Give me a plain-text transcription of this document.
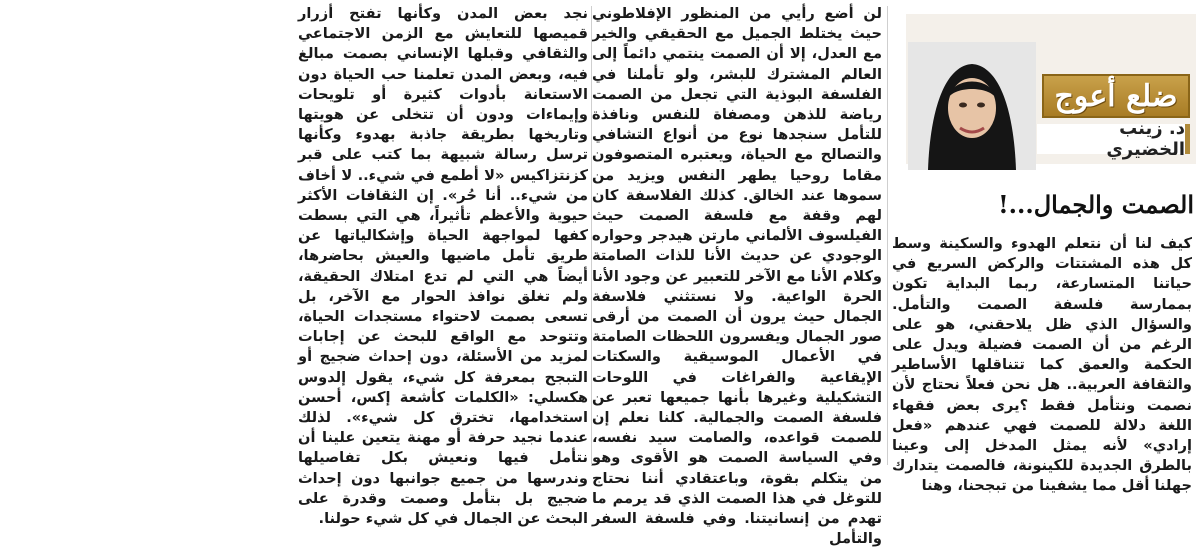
ضلع أعوج
د. زينب الخضيري
الصمت والجمال...!

كيف لنا أن نتعلم الهدوء والسكينة وسط كل هذه المشتتات والركض السريع في حياتنا المتسارعة، ربما البداية تكون بممارسة فلسفة الصمت والتأمل. والسؤال الذي ظل يلاحقني، هو على الرغم من أن الصمت فضيلة ويدل على الحكمة والعمق كما تتناقلها الأساطير والثقافة العربية.. هل نحن فعلاً نحتاج لأن نصمت ونتأمل فقط ؟يرى بعض فقهاء اللغة دلالة للصمت فهي عندهم «فعل إرادي» لأنه يمثل المدخل إلى وعينا بالطرق الجديدة للكينونة، فالصمت يتدارك جهلنا أقل مما يشفينا من تبجحنا، وهنا

لن أضع رأيي من المنظور الإفلاطوني حيث يختلط الجميل مع الحقيقي والخير مع العدل، إلا أن الصمت ينتمي دائماً إلى العالم المشترك للبشر، ولو تأملنا في الفلسفة البوذية التي تجعل من الصمت رياضة للذهن ومصفاة للنفس ونافذة للتأمل سنجدها نوع من أنواع التشافي والتصالح مع الحياة، ويعتبره المتصوفون مقاما روحيا يطهر النفس ويزيد من سموها عند الخالق. كذلك الفلاسفة كان لهم وقفة مع فلسفة الصمت حيث الفيلسوف الألماني مارتن هيدجر وحواره الوجودي عن حديث الأنا للذات الصامتة وكلام الأنا مع الآخر للتعبير عن وجود الأنا الحرة الواعية. ولا نستثني فلاسفة الجمال حيث يرون أن الصمت من أرقى صور الجمال ويفسرون اللحظات الصامتة في الأعمال الموسيقية والسكتات الإيقاعية والفراغات في اللوحات التشكيلية وغيرها بأنها جميعها تعبر عن فلسفة الصمت والجمالية. كلنا نعلم إن للصمت قواعده، والصامت سيد نفسه، وفي السياسة الصمت هو الأقوى وهو من يتكلم بقوة، وباعتقادي أننا نحتاج للتوغل في هذا الصمت الذي قد يرمم ما تهدم من إنسانيتنا. وفي فلسفة السفر والتأمل

نجد بعض المدن وكأنها تفتح أزرار قميصها للتعايش مع الزمن الاجتماعي والثقافي وقبلها الإنساني بصمت مبالغ فيه، وبعض المدن تعلمنا حب الحياة دون الاستعانة بأدوات كثيرة أو تلويحات وإيماءات ودون أن تتخلى عن هويتها وتاريخها بطريقة جاذبة بهدوء وكأنها ترسل رسالة شبيهة بما كتب على قبر كزنتزاكيس «لا أطمع في شيء.. لا أخاف من شيء.. أنا حُر». إن الثقافات الأكثر حيوية والأعظم تأثيراً، هي التي بسطت كفها لمواجهة الحياة وإشكالياتها عن طريق تأمل ماضيها والعيش بحاضرها، أيضاً هي التي لم تدع امتلاك الحقيقة، ولم تغلق نوافذ الحوار مع الآخر، بل تسعى بصمت لاحتواء مستجدات الحياة، وتتوحد مع الواقع للبحث عن إجابات لمزيد من الأسئلة، دون إحداث ضجيج أو التبجح بمعرفة كل شيء، يقول إلدوس هكسلي: «الكلمات كأشعة إكس، أحسن استخدامها، تخترق كل شيء». لذلك عندما نجيد حرفة أو مهنة يتعين علينا أن نتأمل فيها ونعيش بكل تفاصيلها وندرسها من جميع جوانبها دون إحداث ضجيج بل بتأمل وصمت وقدرة على البحث عن الجمال في كل شيء حولنا.
